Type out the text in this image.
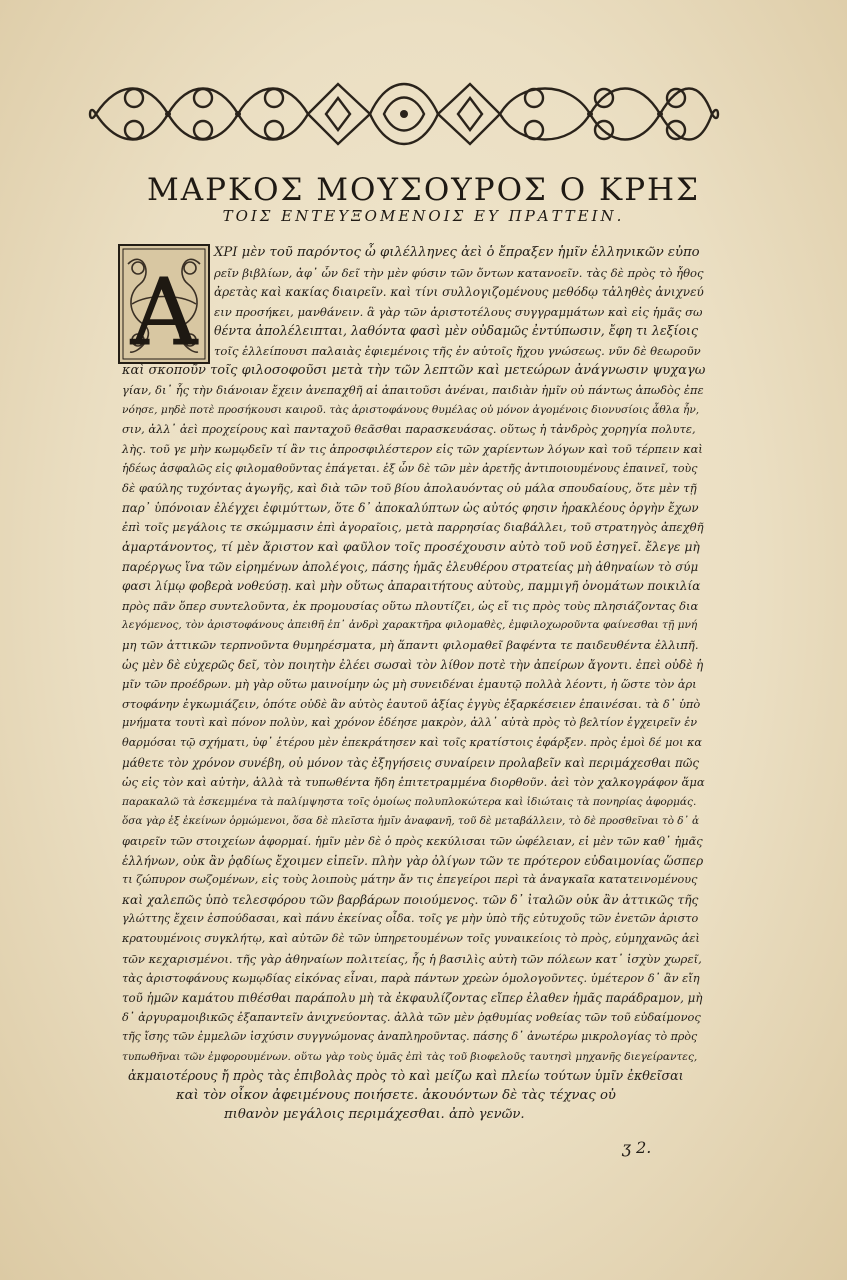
ΜΑΡΚΟΣ ΜΟΥΣΟΥΡΟΣ Ο ΚΡΗΣ
ΤΟΙΣ ΕΝΤΕΥΞΟΜΕΝΟΙΣ ΕΥ ΠΡΑΤΤΕΙΝ.
Α
ΧΡΙ μὲν τοῦ παρόντος ὦ φιλέλληνες ἀεὶ ὁ ἔπραξεν ἡμῖν ἑλληνικῶν εὐπο
ρεῖν βιβλίων, ἀφ᾽ ὧν δεῖ τὴν μὲν φύσιν τῶν ὄντων κατανοεῖν. τὰς δὲ πρὸς τὸ ἦθος
ἀρετὰς καὶ κακίας διαιρεῖν. καὶ τίνι συλλογιζομένους μεθόδῳ τἀληθὲς ἀνιχνεύ
ειν προσήκει, μανθάνειν. ἃ γὰρ τῶν ἀριστοτέλους συγγραμμάτων καὶ εἰς ἡμᾶς σω
θέντα ἀπολέλειπται, λαθόντα φασὶ μὲν οὐδαμῶς ἐντύπωσιν, ἔφη τι λεξίοις
τοῖς ἐλλείπουσι παλαιὰς ἐφιεμένοις τῆς ἐν αὐτοῖς ἤχου γνώσεως. νῦν δὲ θεωροῦν
καὶ σκοποῦν τοῖς φιλοσοφοῦσι μετὰ τὴν τῶν λεπτῶν καὶ μετεώρων ἀνάγνωσιν ψυχαγω
γίαν, δι᾽ ἧς τὴν διάνοιαν ἔχειν ἀνεπαχθῆ αἱ ἀπαιτοῦσι ἀνέναι, παιδιὰν ἡμῖν οὐ πάντως ἀπωδὸς ἐπε
νόησε, μηδὲ ποτὲ προσήκουσι καιροῦ. τὰς ἀριστοφάνους θυμέλας οὐ μόνον ἀγομένοις διονυσίοις ἆθλα ἦν,
σιν, ἀλλ᾽ ἀεὶ προχείρους καὶ πανταχοῦ θεᾶσθαι παρασκευάσας. οὕτως ἡ τἀνδρὸς χορηγία πολυτε,
λὴς. τοῦ γε μὴν κωμῳδεῖν τί ἂν τις ἀπροσφιλέστερον εἰς τῶν χαρίεντων λόγων καὶ τοῦ τέρπειν καὶ
ἡδέως ἀσφαλῶς εἰς φιλομαθοῦντας ἐπάγεται. ἐξ ὧν δὲ τῶν μὲν ἀρετῆς ἀντιποιουμένους ἐπαινεῖ, τοὺς
δὲ φαύλης τυχόντας ἀγωγῆς, καὶ διὰ τῶν τοῦ βίου ἀπολαυόντας οὐ μάλα σπουδαίους, ὅτε μὲν τῇ
παρ᾽ ὑπόνοιαν ἐλέγχει ἐφιμύττων, ὅτε δ᾽ ἀποκαλύπτων ὡς αὐτός φησιν ἡρακλέους ὀργὴν ἔχων
ἐπὶ τοῖς μεγάλοις τε σκώμμασιν ἐπὶ ἀγοραῖοις, μετὰ παρρησίας διαβάλλει, τοῦ στρατηγὸς ἀπεχθῆ
ἁμαρτάνοντος, τί μὲν ἄριστον καὶ φαῦλον τοῖς προσέχουσιν αὐτὸ τοῦ νοῦ ἐσηγεῖ. ἔλεγε μὴ
παρέργως ἵνα τῶν εἰρημένων ἀπολέγοις, πάσης ἡμᾶς ἐλευθέρου στρατείας μὴ ἀθηναίων τὸ σύμ
φασι λίμῳ φοβερὰ νοθεύσῃ. καὶ μὴν οὕτως ἀπαραιτήτους αὐτοὺς, παμμιγῆ ὀνομάτων ποικιλία
πρὸς πᾶν ὅπερ συντελοῦντα, ἐκ προμουσίας οὕτω πλουτίζει, ὡς εἴ τις πρὸς τοὺς πλησιάζοντας δια
λεγόμενος, τὸν ἀριστοφάνους ἀπειθῆ ἐπ᾽ ἀνδρὶ χαρακτῆρα φιλομαθὲς, ἐμφιλοχωροῦντα φαίνεσθαι τῇ μνή
μη τῶν ἀττικῶν τερπνοῦντα θυμηρέσματα, μὴ ἅπαντι φιλομαθεῖ βαφέντα τε παιδευθέντα ἐλλιπῆ.
ὡς μὲν δὲ εὐχερῶς δεῖ, τὸν ποιητὴν ἐλέει σωσαὶ τὸν λίθον ποτὲ τὴν ἀπείρων ἄγοντι. ἐπεὶ οὐδὲ ἡ
μῖν τῶν προέδρων. μὴ γὰρ οὕτω μαινοίμην ὡς μὴ συνειδέναι ἐμαυτῷ πολλὰ λέοντι, ἡ ὥστε τὸν ἀρι
στοφάνην ἐγκωμιάζειν, ὁπότε οὐδὲ ἂν αὐτὸς ἑαυτοῦ ἀξίας ἐγγὺς ἐξαρκέσειεν ἐπαινέσαι. τὰ δ᾽ ὑπὸ
μνήματα τουτὶ καὶ πόνον πολὺν, καὶ χρόνον ἐδέησε μακρὸν, ἀλλ᾽ αὐτὰ πρὸς τὸ βελτίον ἐγχειρεῖν ἐν
θαρμόσαι τῷ σχήματι, ὑφ᾽ ἑτέρου μὲν ἐπεκράτησεν καὶ τοῖς κρατίστοις ἐφάρξεν. πρὸς ἐμοὶ δέ μοι κα
μάθετε τὸν χρόνον συνέβη, οὐ μόνον τὰς ἐξηγήσεις συναίρειν προλαβεῖν καὶ περιμάχεσθαι πῶς
ὡς εἰς τὸν καὶ αὐτὴν, ἀλλὰ τὰ τυπωθέντα ἤδη ἐπιτετραμμένα διορθοῦν. ἀεὶ τὸν χαλκογράφον ἅμα
παρακαλῶ τὰ ἐσκεμμένα τὰ παλίμψηστα τοῖς ὁμοίως πολυπλοκώτερα καὶ ἰδιώταις τὰ πονηρίας ἀφορμάς.
ὅσα γὰρ ἐξ ἐκείνων ὁρμώμενοι, ὅσα δὲ πλεῖστα ἡμῖν ἀναφανῆ, τοῦ δὲ μεταβάλλειν, τὸ δὲ προσθεῖναι τὸ δ᾽ ἀ
φαιρεῖν τῶν στοιχείων ἀφορμαί. ἡμῖν μὲν δὲ ὁ πρὸς κεκύλισαι τῶν ὠφέλειαν, εἰ μὲν τῶν καθ᾽ ἡμᾶς
ἑλλήνων, οὐκ ἂν ῥᾳδίως ἔχοιμεν εἰπεῖν. πλὴν γὰρ ὀλίγων τῶν τε πρότερον εὐδαιμονίας ὥσπερ
τι ζώπυρον σωζομένων, εἰς τοὺς λοιποὺς μάτην ἄν τις ἐπεγείροι περὶ τὰ ἀναγκαῖα κατατεινομένους
καὶ χαλεπῶς ὑπὸ τελεσφόρου τῶν βαρβάρων ποιούμενος. τῶν δ᾽ ἰταλῶν οὐκ ἂν ἀττικῶς τῆς
γλώττης ἔχειν ἐσπούδασαι, καὶ πάνυ ἐκείνας οἶδα. τοῖς γε μὴν ὑπὸ τῆς εὐτυχοῦς τῶν ἐνετῶν ἀριστο
κρατουμένοις συγκλήτῳ, καὶ αὐτῶν δὲ τῶν ὑπηρετουμένων τοῖς γυναικείοις τὸ πρὸς, εὐμηχανῶς ἀεὶ
τῶν κεχαρισμένοι. τῆς γὰρ ἀθηναίων πολιτείας, ἧς ἡ βασιλὶς αὐτὴ τῶν πόλεων κατ᾽ ἰσχὺν χωρεῖ,
τὰς ἀριστοφάνους κωμῳδίας εἰκόνας εἶναι, παρὰ πάντων χρεὼν ὁμολογοῦντες. ὑμέτερον δ᾽ ἂν εἴη
τοῦ ἡμῶν καμάτου πιθέσθαι παράπολυ μὴ τὰ ἐκφαυλίζοντας εἴπερ ἐλαθεν ἡμᾶς παράδραμον, μὴ
δ᾽ ἀργυραμοιβικῶς ἐξαπαντεῖν ἀνιχνεύοντας. ἀλλὰ τῶν μὲν ῥᾳθυμίας νοθείας τῶν τοῦ εὐδαίμονος
τῆς ἴσης τῶν ἐμμελῶν ἰσχύσιν συγγνώμονας ἀναπληροῦντας. πάσης δ᾽ ἀνωτέρω μικρολογίας τὸ πρὸς
τυπωθῆναι τῶν ἐμφορουμένων. οὕτω γὰρ τοὺς ὑμᾶς ἐπὶ τὰς τοῦ βιοφελοῦς ταυτησὶ μηχανῆς διεγείραντες,
ἀκμαιοτέρους ἤ πρὸς τὰς ἐπιβολὰς πρὸς τὸ καὶ μείζω καὶ πλείω τούτων ὑμῖν ἐκθεῖσαι
καὶ τὸν οἶκον ἀφειμένους ποιήσετε. ἀκουόντων δὲ τὰς τέχνας οὐ
πιθανὸν μεγάλοις περιμάχεσθαι. ἀπὸ γενῶν.
ʒ 2.
